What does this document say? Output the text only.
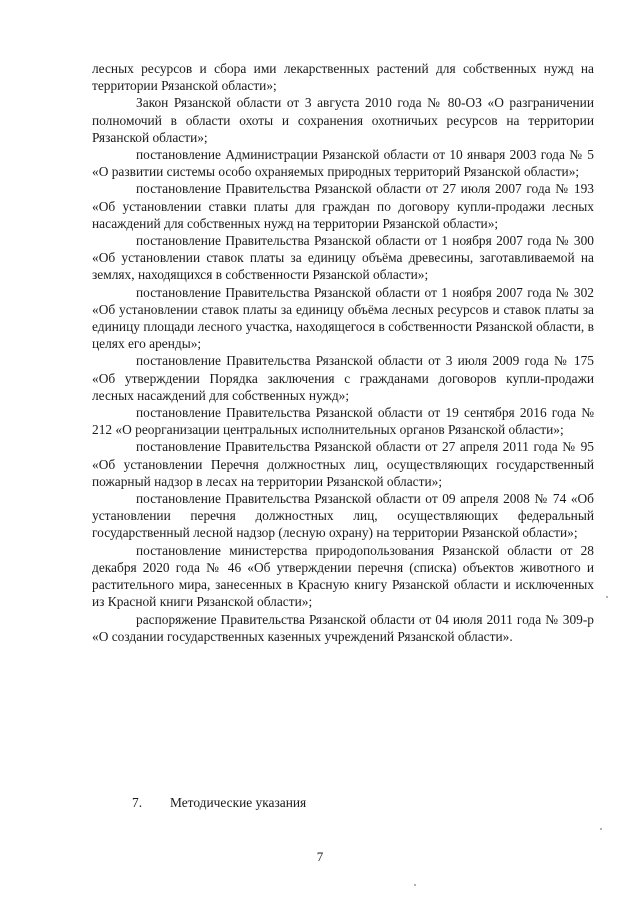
лесных ресурсов и сбора ими лекарственных растений для собственных нужд на территории Рязанской области»;

Закон Рязанской области от 3 августа 2010 года № 80-ОЗ «О разграничении полномочий в области охоты и сохранения охотничьих ресурсов на территории Рязанской области»;

постановление Администрации Рязанской области от 10 января 2003 года № 5 «О развитии системы особо охраняемых природных территорий Рязанской области»;

постановление Правительства Рязанской области от 27 июля 2007 года № 193 «Об установлении ставки платы для граждан по договору купли-продажи лесных насаждений для собственных нужд на территории Рязанской области»;

постановление Правительства Рязанской области от 1 ноября 2007 года № 300 «Об установлении ставок платы за единицу объёма древесины, заготавливаемой на землях, находящихся в собственности Рязанской области»;

постановление Правительства Рязанской области от 1 ноября 2007 года № 302 «Об установлении ставок платы за единицу объёма лесных ресурсов и ставок платы за единицу площади лесного участка, находящегося в собственности Рязанской области, в целях его аренды»;

постановление Правительства Рязанской области от 3 июля 2009 года № 175 «Об утверждении Порядка заключения с гражданами договоров купли-продажи лесных насаждений для собственных нужд»;

постановление Правительства Рязанской области от 19 сентября 2016 года № 212 «О реорганизации центральных исполнительных органов Рязанской области»;

постановление Правительства Рязанской области от 27 апреля 2011 года № 95 «Об установлении Перечня должностных лиц, осуществляющих государственный пожарный надзор в лесах на территории Рязанской области»;

постановление Правительства Рязанской области от 09 апреля 2008 № 74 «Об установлении перечня должностных лиц, осуществляющих федеральный государственный лесной надзор (лесную охрану) на территории Рязанской области»;

постановление министерства природопользования Рязанской области от 28 декабря 2020 года № 46 «Об утверждении перечня (списка) объектов животного и растительного мира, занесенных в Красную книгу Рязанской области и исключенных из Красной книги Рязанской области»;

распоряжение Правительства Рязанской области от 04 июля 2011 года № 309-р «О создании государственных казенных учреждений Рязанской области».

7. Методические указания
7
